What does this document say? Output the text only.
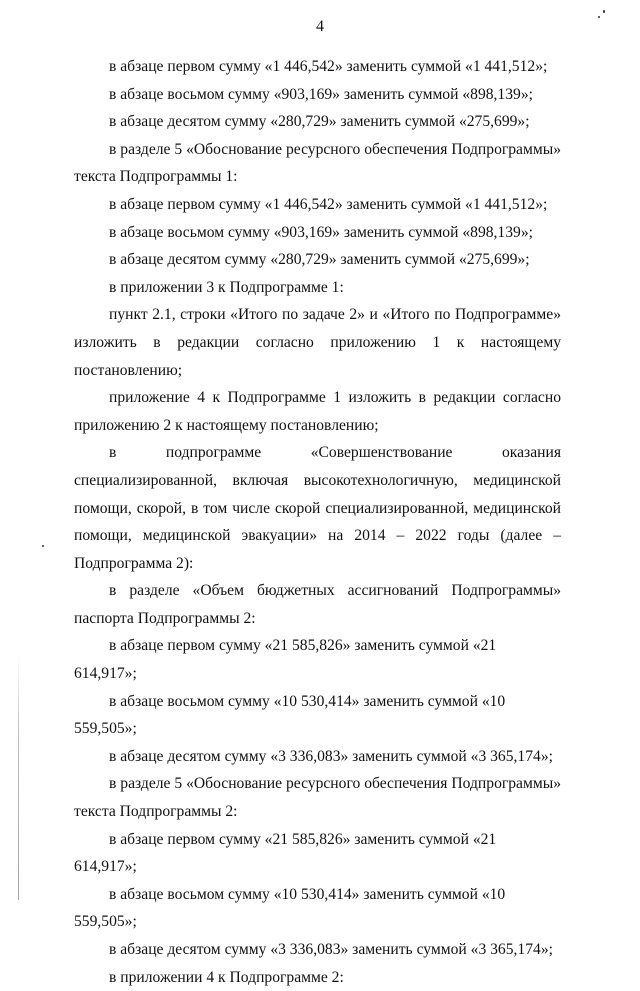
4

в абзаце первом сумму «1 446,542» заменить суммой «1 441,512»;

в абзаце восьмом сумму «903,169» заменить суммой «898,139»;

в абзаце десятом сумму «280,729» заменить суммой «275,699»;

в разделе 5 «Обоснование ресурсного обеспечения Подпрограммы» текста Подпрограммы 1:

в абзаце первом сумму «1 446,542» заменить суммой «1 441,512»;

в абзаце восьмом сумму «903,169» заменить суммой «898,139»;

в абзаце десятом сумму «280,729» заменить суммой «275,699»;

в приложении 3 к Подпрограмме 1:

пункт 2.1, строки «Итого по задаче 2» и «Итого по Подпрограмме» изложить в редакции согласно приложению 1 к настоящему постановлению;

приложение 4 к Подпрограмме 1 изложить в редакции согласно приложению 2 к настоящему постановлению;

в подпрограмме «Совершенствование оказания специализированной, включая высокотехнологичную, медицинской помощи, скорой, в том числе скорой специализированной, медицинской помощи, медицинской эвакуации» на 2014 – 2022 годы (далее – Подпрограмма 2):

в разделе «Объем бюджетных ассигнований Подпрограммы» паспорта Подпрограммы 2:

в абзаце первом сумму «21 585,826» заменить суммой «21 614,917»;

в абзаце восьмом сумму «10 530,414» заменить суммой «10 559,505»;

в абзаце десятом сумму «3 336,083» заменить суммой «3 365,174»;

в разделе 5 «Обоснование ресурсного обеспечения Подпрограммы» текста Подпрограммы 2:

в абзаце первом сумму «21 585,826» заменить суммой «21 614,917»;

в абзаце восьмом сумму «10 530,414» заменить суммой «10 559,505»;

в абзаце десятом сумму «3 336,083» заменить суммой «3 365,174»;

в приложении 4 к Подпрограмме 2:
